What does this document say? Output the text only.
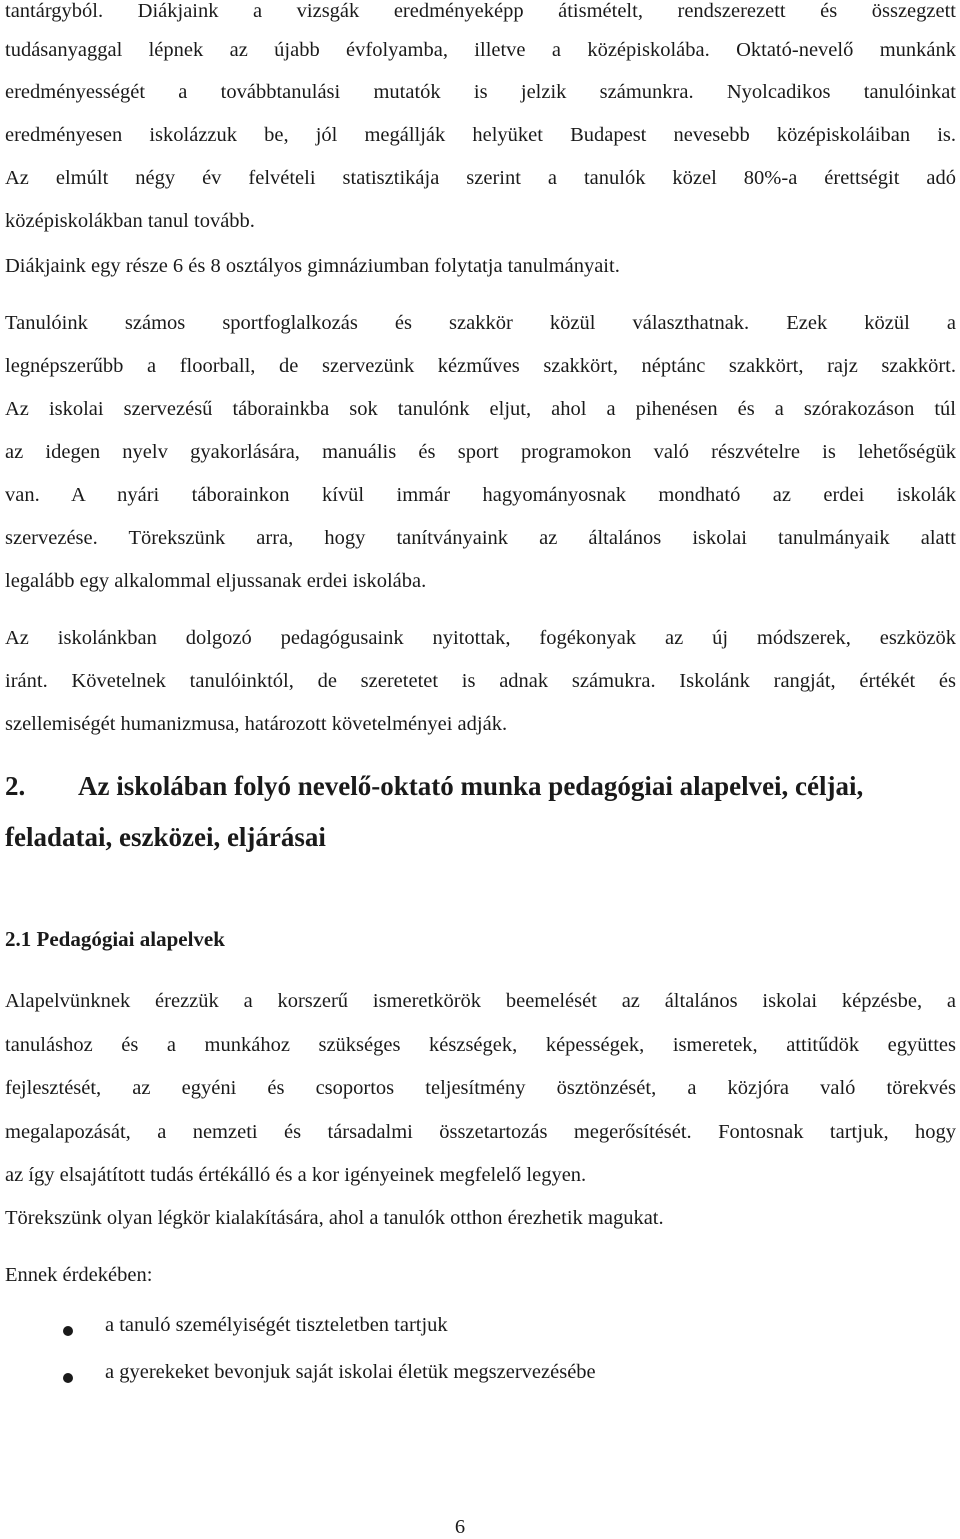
tantárgyból. Diákjaink a vizsgák eredményeképp átismételt, rendszerezett és összegzett

tudásanyaggal lépnek az újabb évfolyamba, illetve a középiskolába. Oktató-nevelő munkánk

eredményességét a továbbtanulási mutatók is jelzik számunkra. Nyolcadikos tanulóinkat

eredményesen iskolázzuk be, jól megállják helyüket Budapest nevesebb középiskoláiban is.

Az elmúlt négy év felvételi statisztikája szerint a tanulók közel 80%-a érettségit adó

középiskolákban tanul tovább.

Diákjaink egy része 6 és 8 osztályos gimnáziumban folytatja tanulmányait.

Tanulóink számos sportfoglalkozás és szakkör közül választhatnak. Ezek közül a

legnépszerűbb a floorball, de szervezünk kézműves szakkört, néptánc szakkört, rajz szakkört.

Az iskolai szervezésű táborainkba sok tanulónk eljut, ahol a pihenésen és a szórakozáson túl

az idegen nyelv gyakorlására, manuális és sport programokon való részvételre is lehetőségük

van. A nyári táborainkon kívül immár hagyományosnak mondható az erdei iskolák

szervezése. Törekszünk arra, hogy tanítványaink az általános iskolai tanulmányaik alatt

legalább egy alkalommal eljussanak erdei iskolába.

Az iskolánkban dolgozó pedagógusaink nyitottak, fogékonyak az új módszerek, eszközök

iránt. Követelnek tanulóinktól, de szeretetet is adnak számukra. Iskolánk rangját, értékét és

szellemiségét humanizmusa, határozott követelményei adják.

2. Az iskolában folyó nevelő-oktató munka pedagógiai alapelvei, céljai,
feladatai, eszközei, eljárásai
2.1 Pedagógiai alapelvek

Alapelvünknek érezzük a korszerű ismeretkörök beemelését az általános iskolai képzésbe, a

tanuláshoz és a munkához szükséges készségek, képességek, ismeretek, attitűdök együttes

fejlesztését, az egyéni és csoportos teljesítmény ösztönzését, a közjóra való törekvés

megalapozását, a nemzeti és társadalmi összetartozás megerősítését. Fontosnak tartjuk, hogy

az így elsajátított tudás értékálló és a kor igényeinek megfelelő legyen.

Törekszünk olyan légkör kialakítására, ahol a tanulók otthon érezhetik magukat.

Ennek érdekében:

a tanuló személyiségét tiszteletben tartjuk
a gyerekeket bevonjuk saját iskolai életük megszervezésébe
6
